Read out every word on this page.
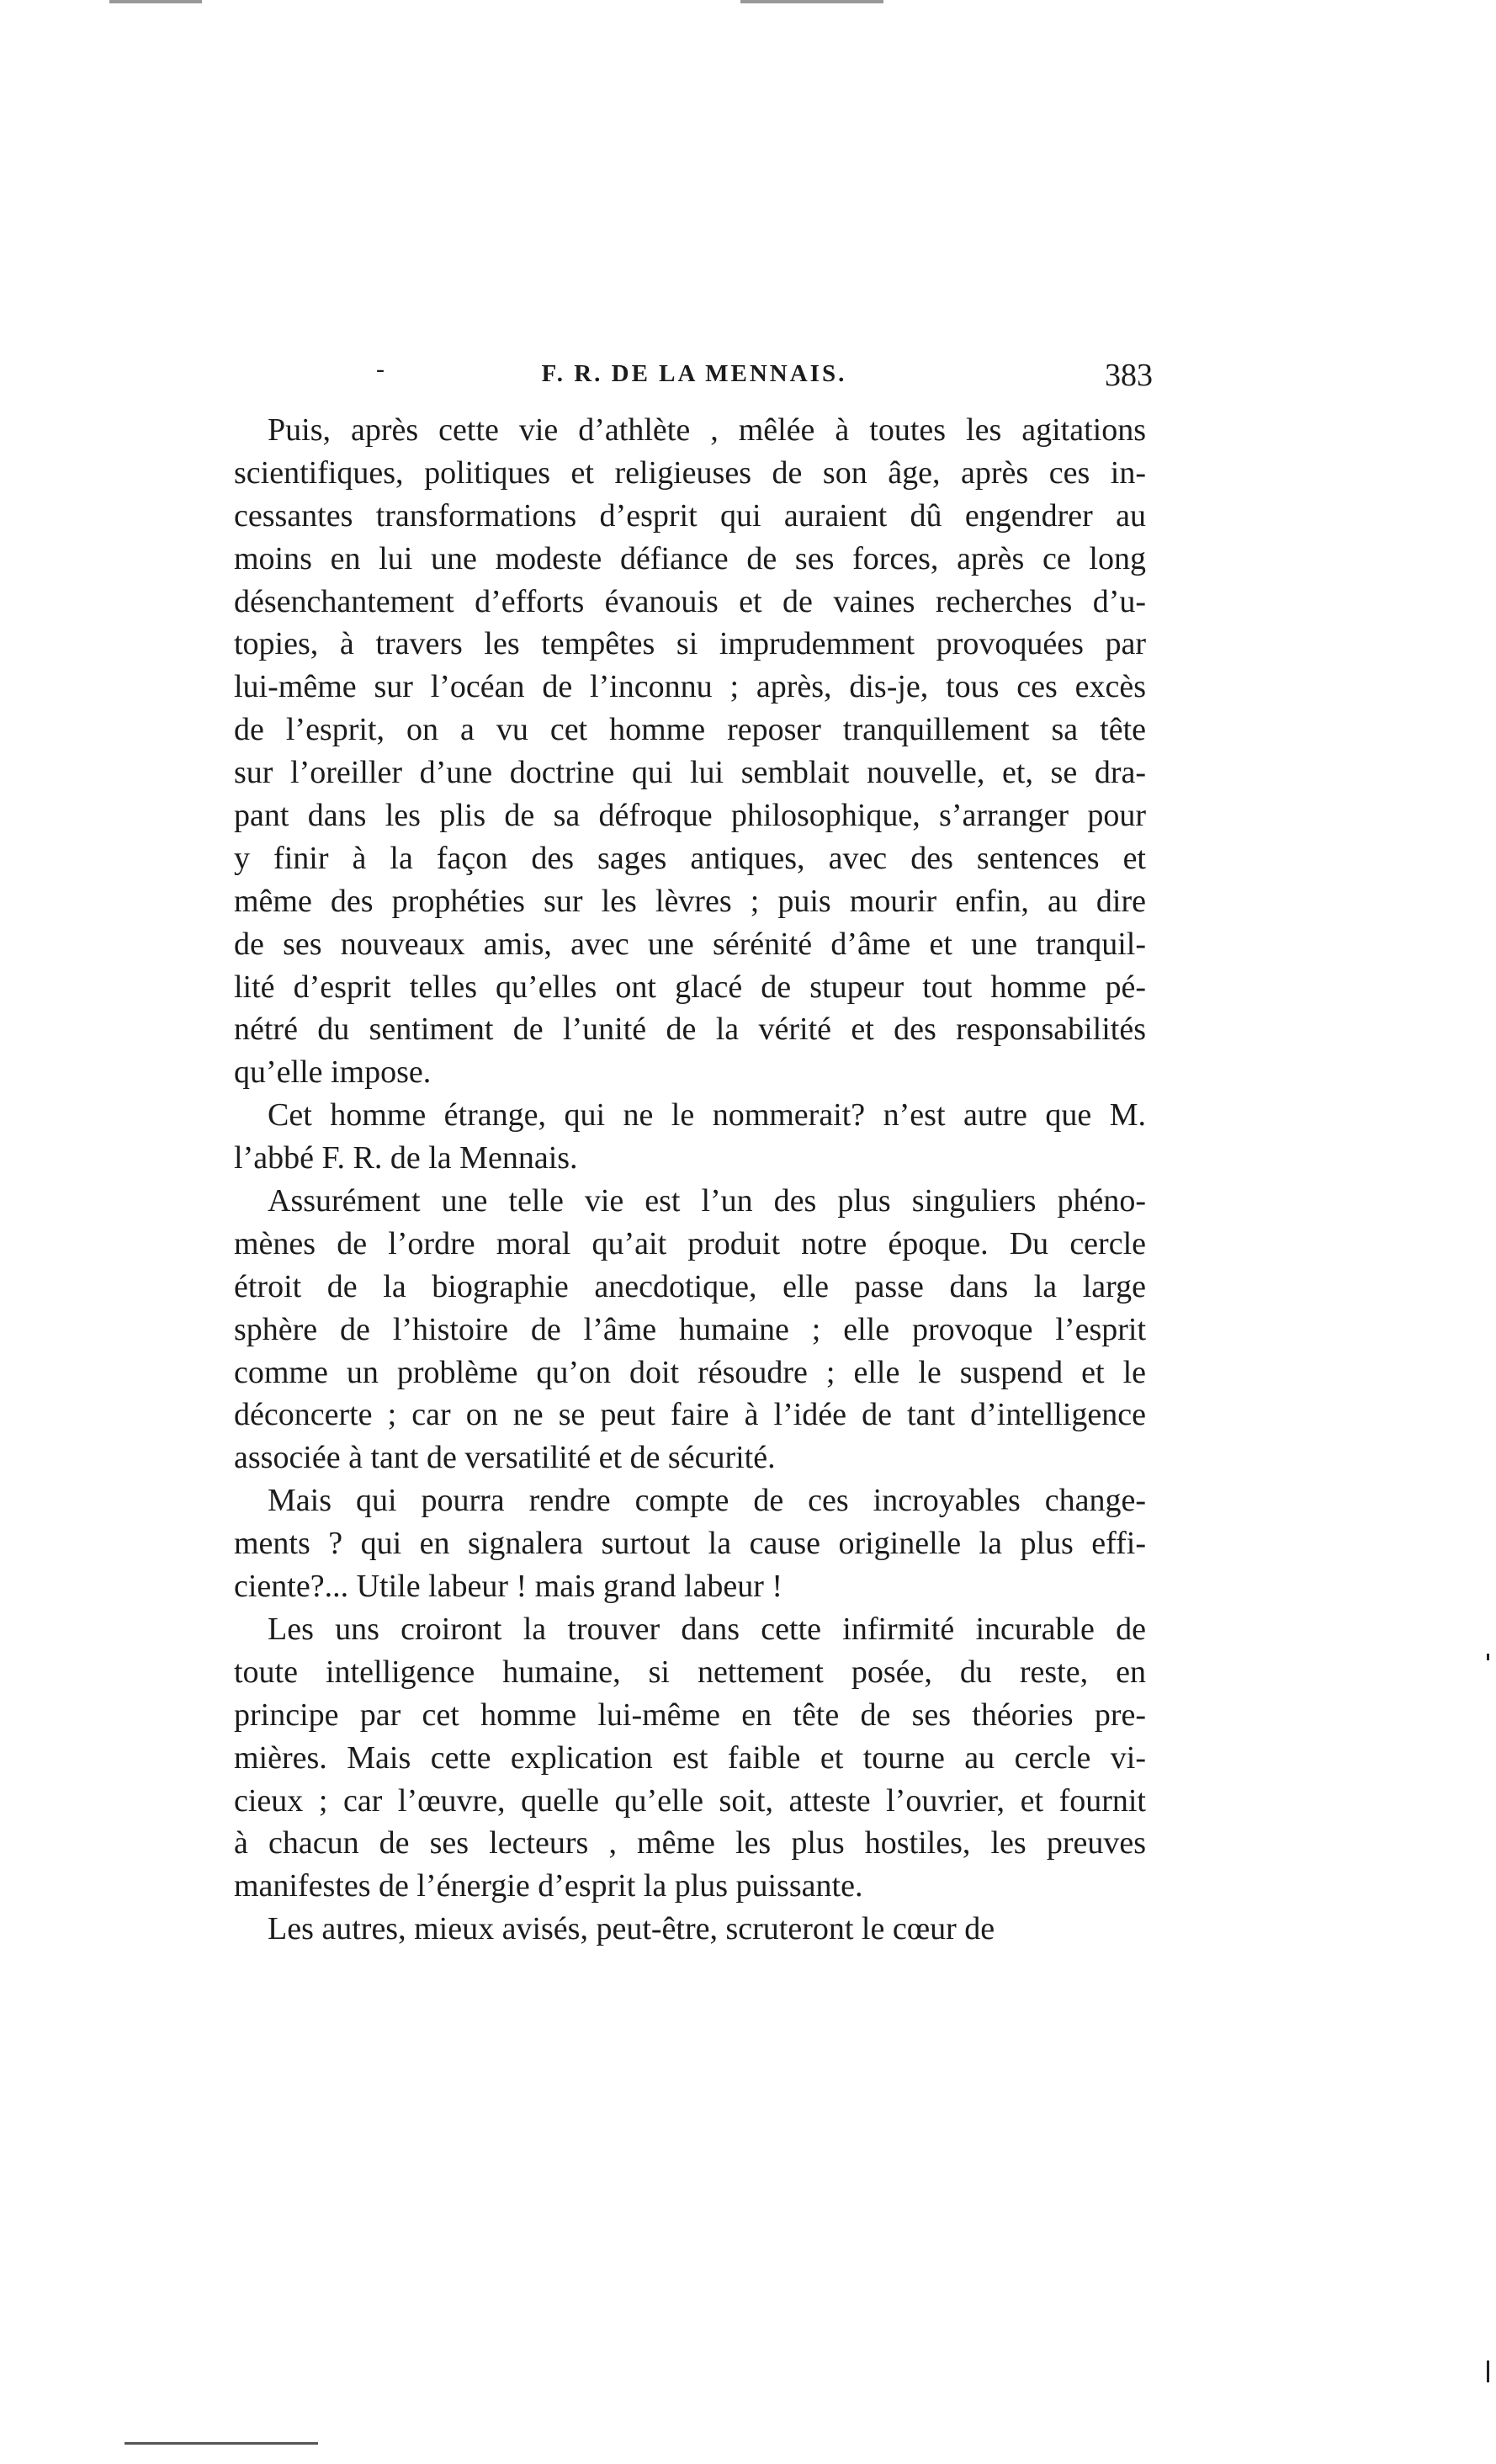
-	F. R. DE LA MENNAIS.	383
Puis, après cette vie d’athlète , mêlée à toutes les agitations
scientifiques, politiques et religieuses de son âge, après ces in-
cessantes transformations d’esprit qui auraient dû engendrer au
moins en lui une modeste défiance de ses forces, après ce long
désenchantement d’efforts évanouis et de vaines recherches d’u-
topies, à travers les tempêtes si imprudemment provoquées par
lui-même sur l’océan de l’inconnu ; après, dis-je, tous ces excès
de l’esprit, on a vu cet homme reposer tranquillement sa tête
sur l’oreiller d’une doctrine qui lui semblait nouvelle, et, se dra-
pant dans les plis de sa défroque philosophique, s’arranger pour
y finir à la façon des sages antiques, avec des sentences et
même des prophéties sur les lèvres ; puis mourir enfin, au dire
de ses nouveaux amis, avec une sérénité d’âme et une tranquil-
lité d’esprit telles qu’elles ont glacé de stupeur tout homme pé-
nétré du sentiment de l’unité de la vérité et des responsabilités
qu’elle impose.
Cet homme étrange, qui ne le nommerait? n’est autre que M.
l’abbé F. R. de la Mennais.
Assurément une telle vie est l’un des plus singuliers phéno-
mènes de l’ordre moral qu’ait produit notre époque. Du cercle
étroit de la biographie anecdotique, elle passe dans la large
sphère de l’histoire de l’âme humaine ; elle provoque l’esprit
comme un problème qu’on doit résoudre ; elle le suspend et le
déconcerte ; car on ne se peut faire à l’idée de tant d’intelligence
associée à tant de versatilité et de sécurité.
Mais qui pourra rendre compte de ces incroyables change-
ments ? qui en signalera surtout la cause originelle la plus effi-
ciente?... Utile labeur ! mais grand labeur !
Les uns croiront la trouver dans cette infirmité incurable de
toute intelligence humaine, si nettement posée, du reste, en
principe par cet homme lui-même en tête de ses théories pre-
mières. Mais cette explication est faible et tourne au cercle vi-
cieux ; car l’œuvre, quelle qu’elle soit, atteste l’ouvrier, et fournit
à chacun de ses lecteurs , même les plus hostiles, les preuves
manifestes de l’énergie d’esprit la plus puissante.
Les autres, mieux avisés, peut-être, scruteront le cœur de
